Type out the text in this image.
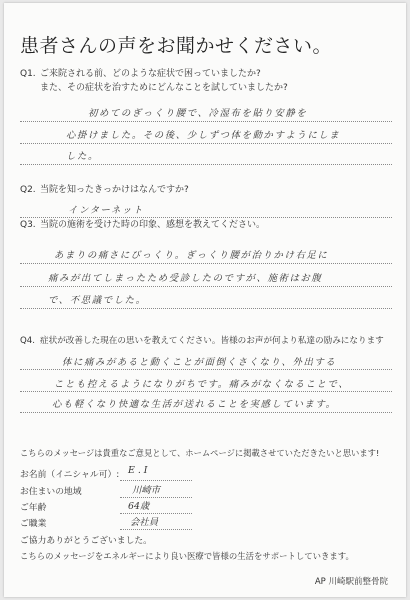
患者さんの声をお聞かせください。
Q1. ご来院される前、どのような症状で困っていましたか?
また、その症状を治すためにどんなことを試していましたか?
初めてのぎっくり腰で、冷湿布を貼り安静を
心掛けました。その後、少しずつ体を動かすようにしま
した。
Q2. 当院を知ったきっかけはなんですか?
インターネット
Q3. 当院の施術を受けた時の印象、感想を教えてください。
あまりの痛さにびっくり。ぎっくり腰が治りかけ右足に
痛みが出てしまったため受診したのですが、施術はお腹
で、不思議でした。
Q4. 症状が改善した現在の思いを教えてください。皆様のお声が何より私達の励みになります
体に痛みがあると動くことが面倒くさくなり、外出する
ことも控えるようになりがちです。痛みがなくなることで、
心も軽くなり快適な生活が送れることを実感しています。
こちらのメッセージは貴重なご意見として、ホームページに掲載させていただきたいと思います!
お名前（イニシャル可）: E . I
お住まいの地域	川崎市
ご年齢	64歳
ご職業	会社員
ご協力ありがとうございました。
こちらのメッセージをエネルギーにより良い医療で皆様の生活をサポートしていきます。
AP 川崎駅前整骨院
